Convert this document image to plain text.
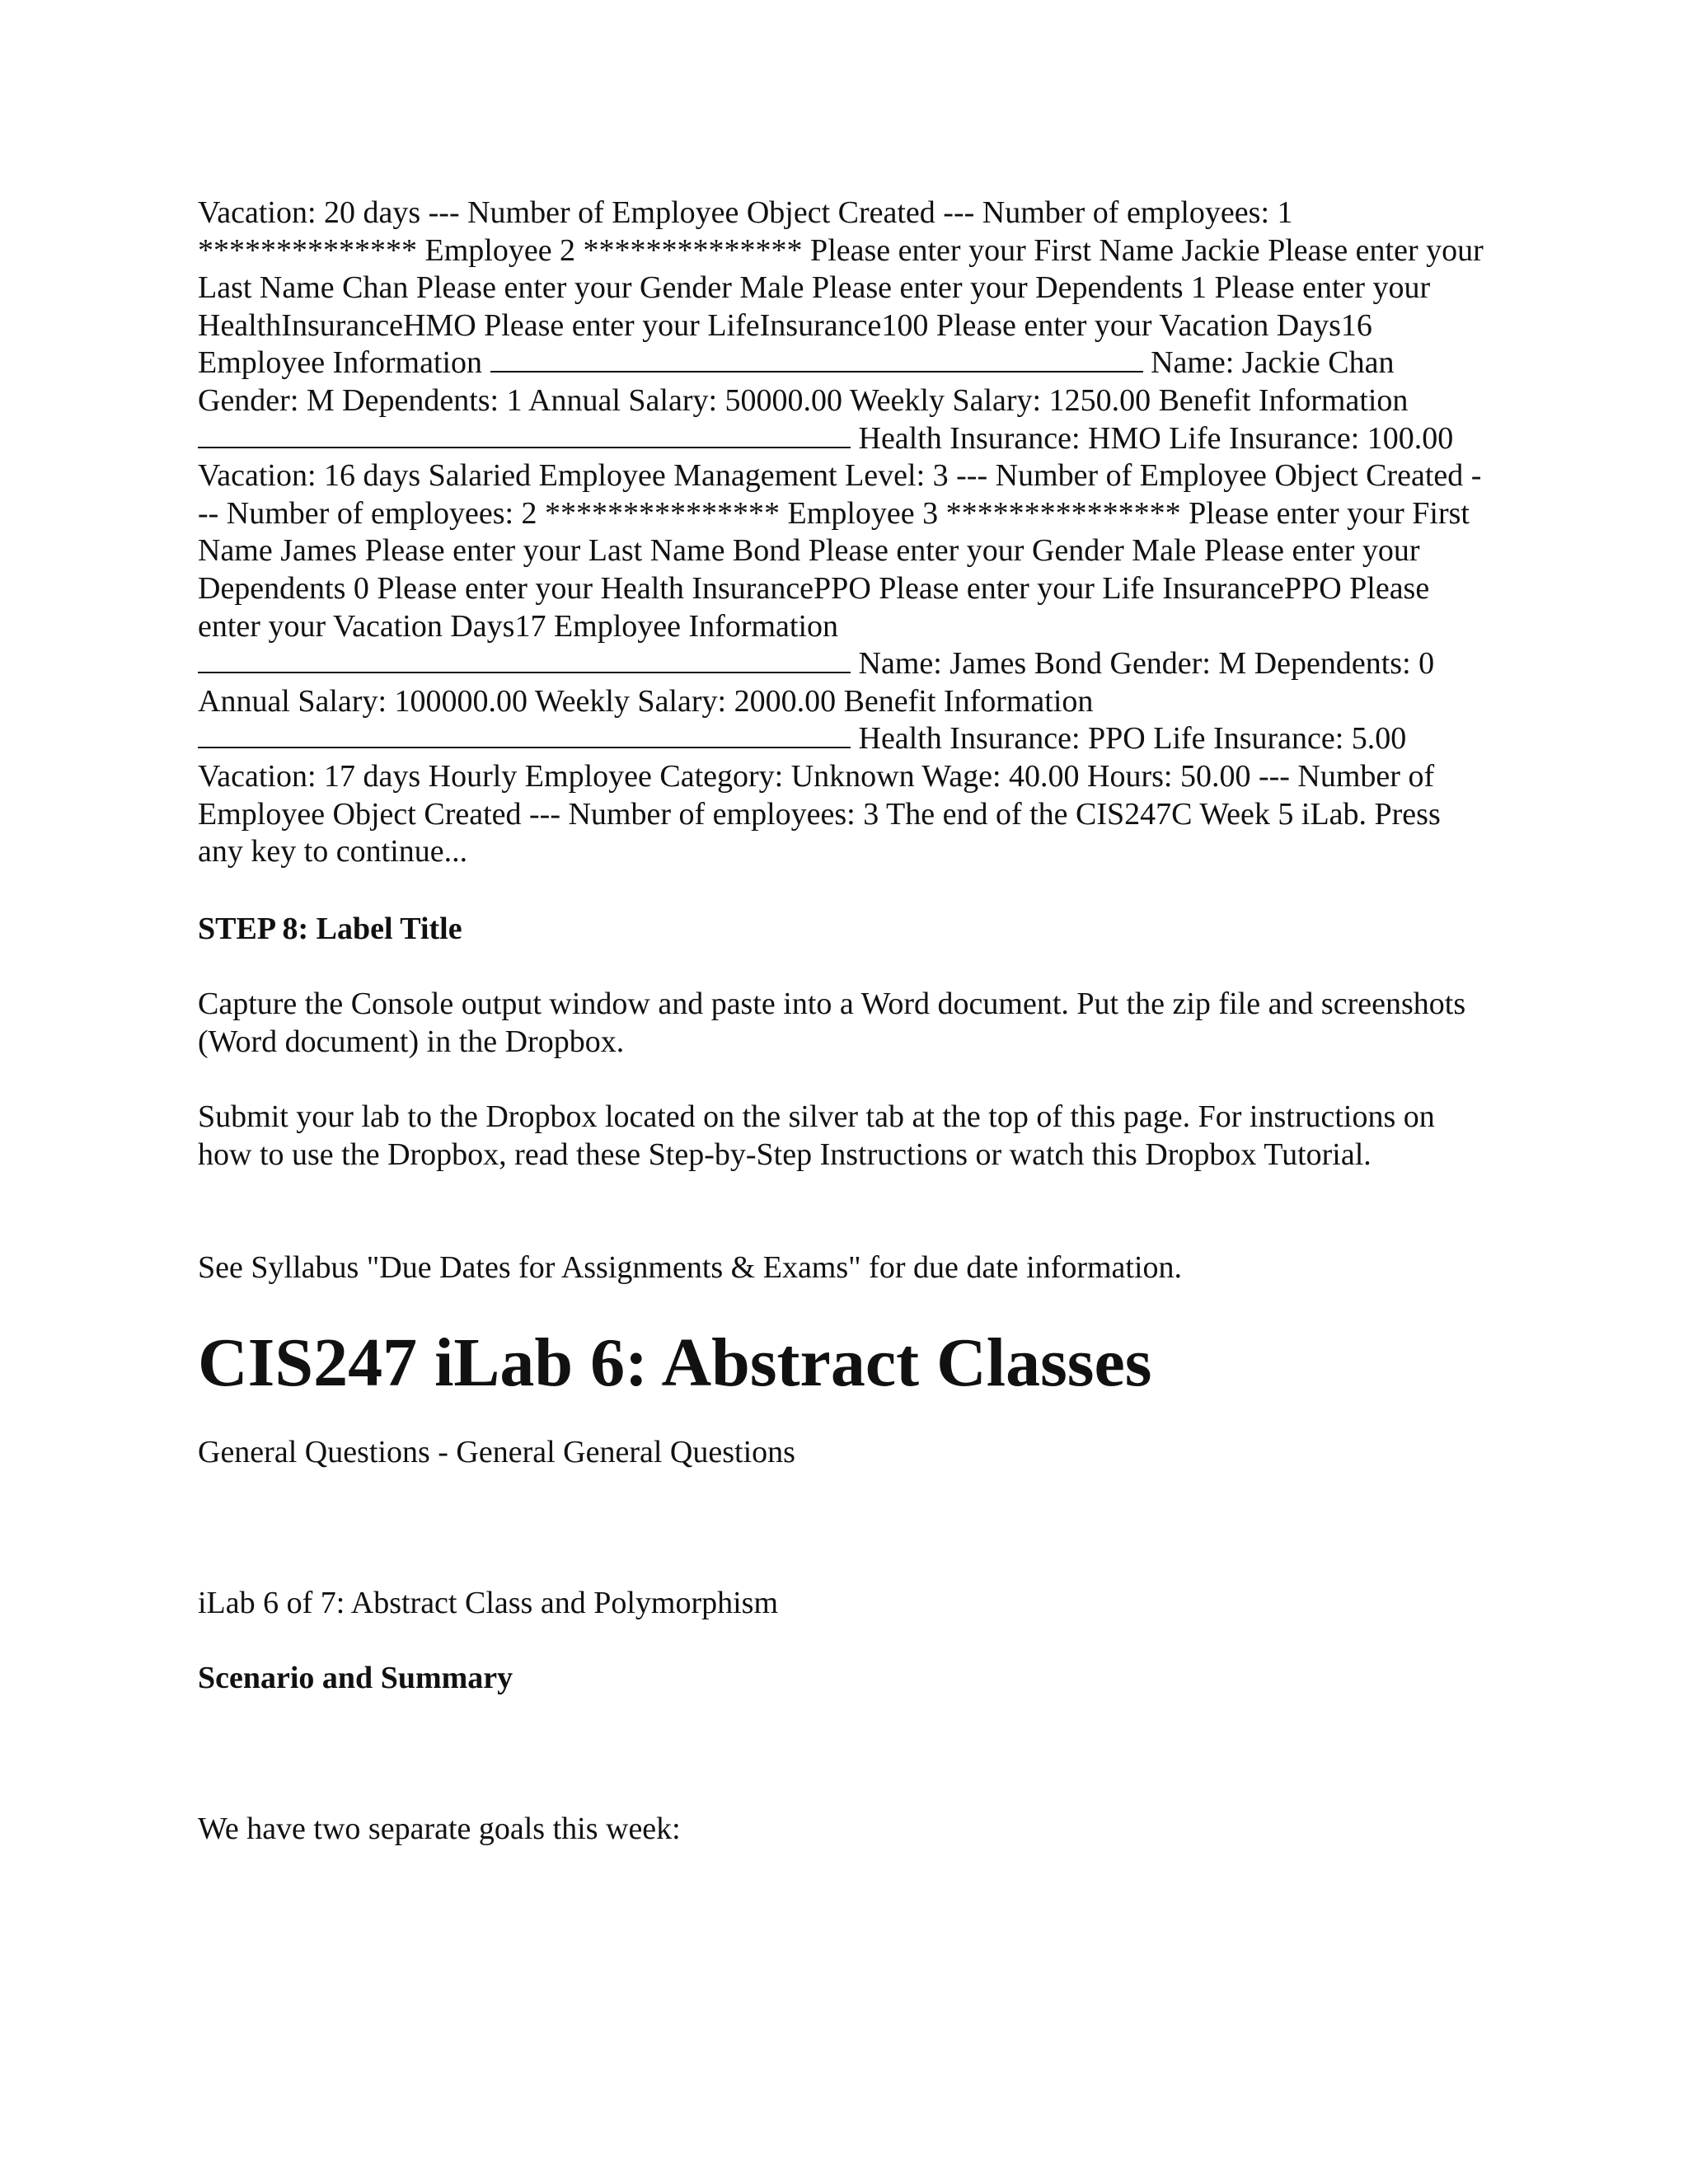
Vacation: 20 days --- Number of Employee Object Created --- Number of employees: 1 ************** Employee 2 ************** Please enter your First Name Jackie Please enter your Last Name Chan Please enter your Gender Male Please enter your Dependents 1 Please enter your HealthInsuranceHMO Please enter your LifeInsurance100 Please enter your Vacation Days16 Employee Information	Name: Jackie Chan Gender: M Dependents: 1 Annual Salary: 50000.00 Weekly Salary: 1250.00 Benefit Information  Health Insurance: HMO Life Insurance: 100.00 Vacation: 16 days Salaried Employee Management Level: 3 --- Number of Employee Object Created --- Number of employees: 2 *************** Employee 3 *************** Please enter your First Name James Please enter your Last Name Bond Please enter your Gender Male Please enter your Dependents 0 Please enter your Health InsurancePPO Please enter your Life InsurancePPO Please enter your Vacation Days17 Employee Information  Name: James Bond Gender: M Dependents: 0 Annual Salary: 100000.00 Weekly Salary: 2000.00 Benefit Information  Health Insurance: PPO Life Insurance: 5.00 Vacation: 17 days Hourly Employee Category: Unknown Wage: 40.00 Hours: 50.00 --- Number of Employee Object Created --- Number of employees: 3 The end of the CIS247C Week 5 iLab. Press any key to continue...

STEP 8: Label Title

Capture the Console output window and paste into a Word document. Put the zip file and screenshots (Word document) in the Dropbox.

Submit your lab to the Dropbox located on the silver tab at the top of this page. For instructions on how to use the Dropbox, read these Step-by-Step Instructions or watch this Dropbox Tutorial.

See Syllabus "Due Dates for Assignments & Exams" for due date information.

CIS247 iLab 6: Abstract Classes

General Questions - General General Questions

iLab 6 of 7: Abstract Class and Polymorphism

Scenario and Summary

We have two separate goals this week:
